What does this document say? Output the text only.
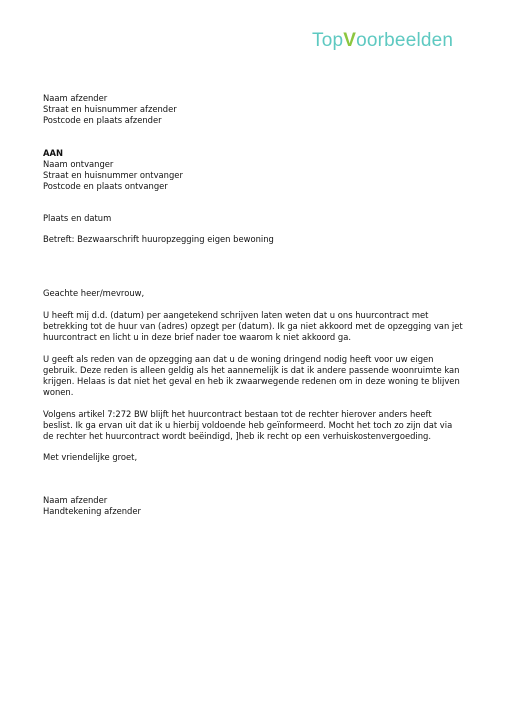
TopVoorbeelden
Naam afzender
Straat en huisnummer afzender
Postcode en plaats afzender
AAN
Naam ontvanger
Straat en huisnummer ontvanger
Postcode en plaats ontvanger
Plaats en datum
Betreft: Bezwaarschrift huuropzegging eigen bewoning
Geachte heer/mevrouw,

U heeft mij d.d. (datum) per aangetekend schrijven laten weten dat u ons huurcontract met betrekking tot de huur van (adres) opzegt per (datum). Ik ga niet akkoord met de opzegging van jet huurcontract en licht u in deze brief nader toe waarom k niet akkoord ga.

U geeft als reden van de opzegging aan dat u de woning dringend nodig heeft voor uw eigen gebruik. Deze reden is alleen geldig als het aannemelijk is dat ik andere passende woonruimte kan krijgen. Helaas is dat niet het geval en heb ik zwaarwegende redenen om in deze woning te blijven wonen.

Volgens artikel 7:272 BW blijft het huurcontract bestaan tot de rechter hierover anders heeft beslist. Ik ga ervan uit dat ik u hierbij voldoende heb geïnformeerd. Mocht het toch zo zijn dat via de rechter het huurcontract wordt beëindigd, ]heb ik recht op een verhuiskostenvergoeding.

Met vriendelijke groet,
Naam afzender
Handtekening afzender
